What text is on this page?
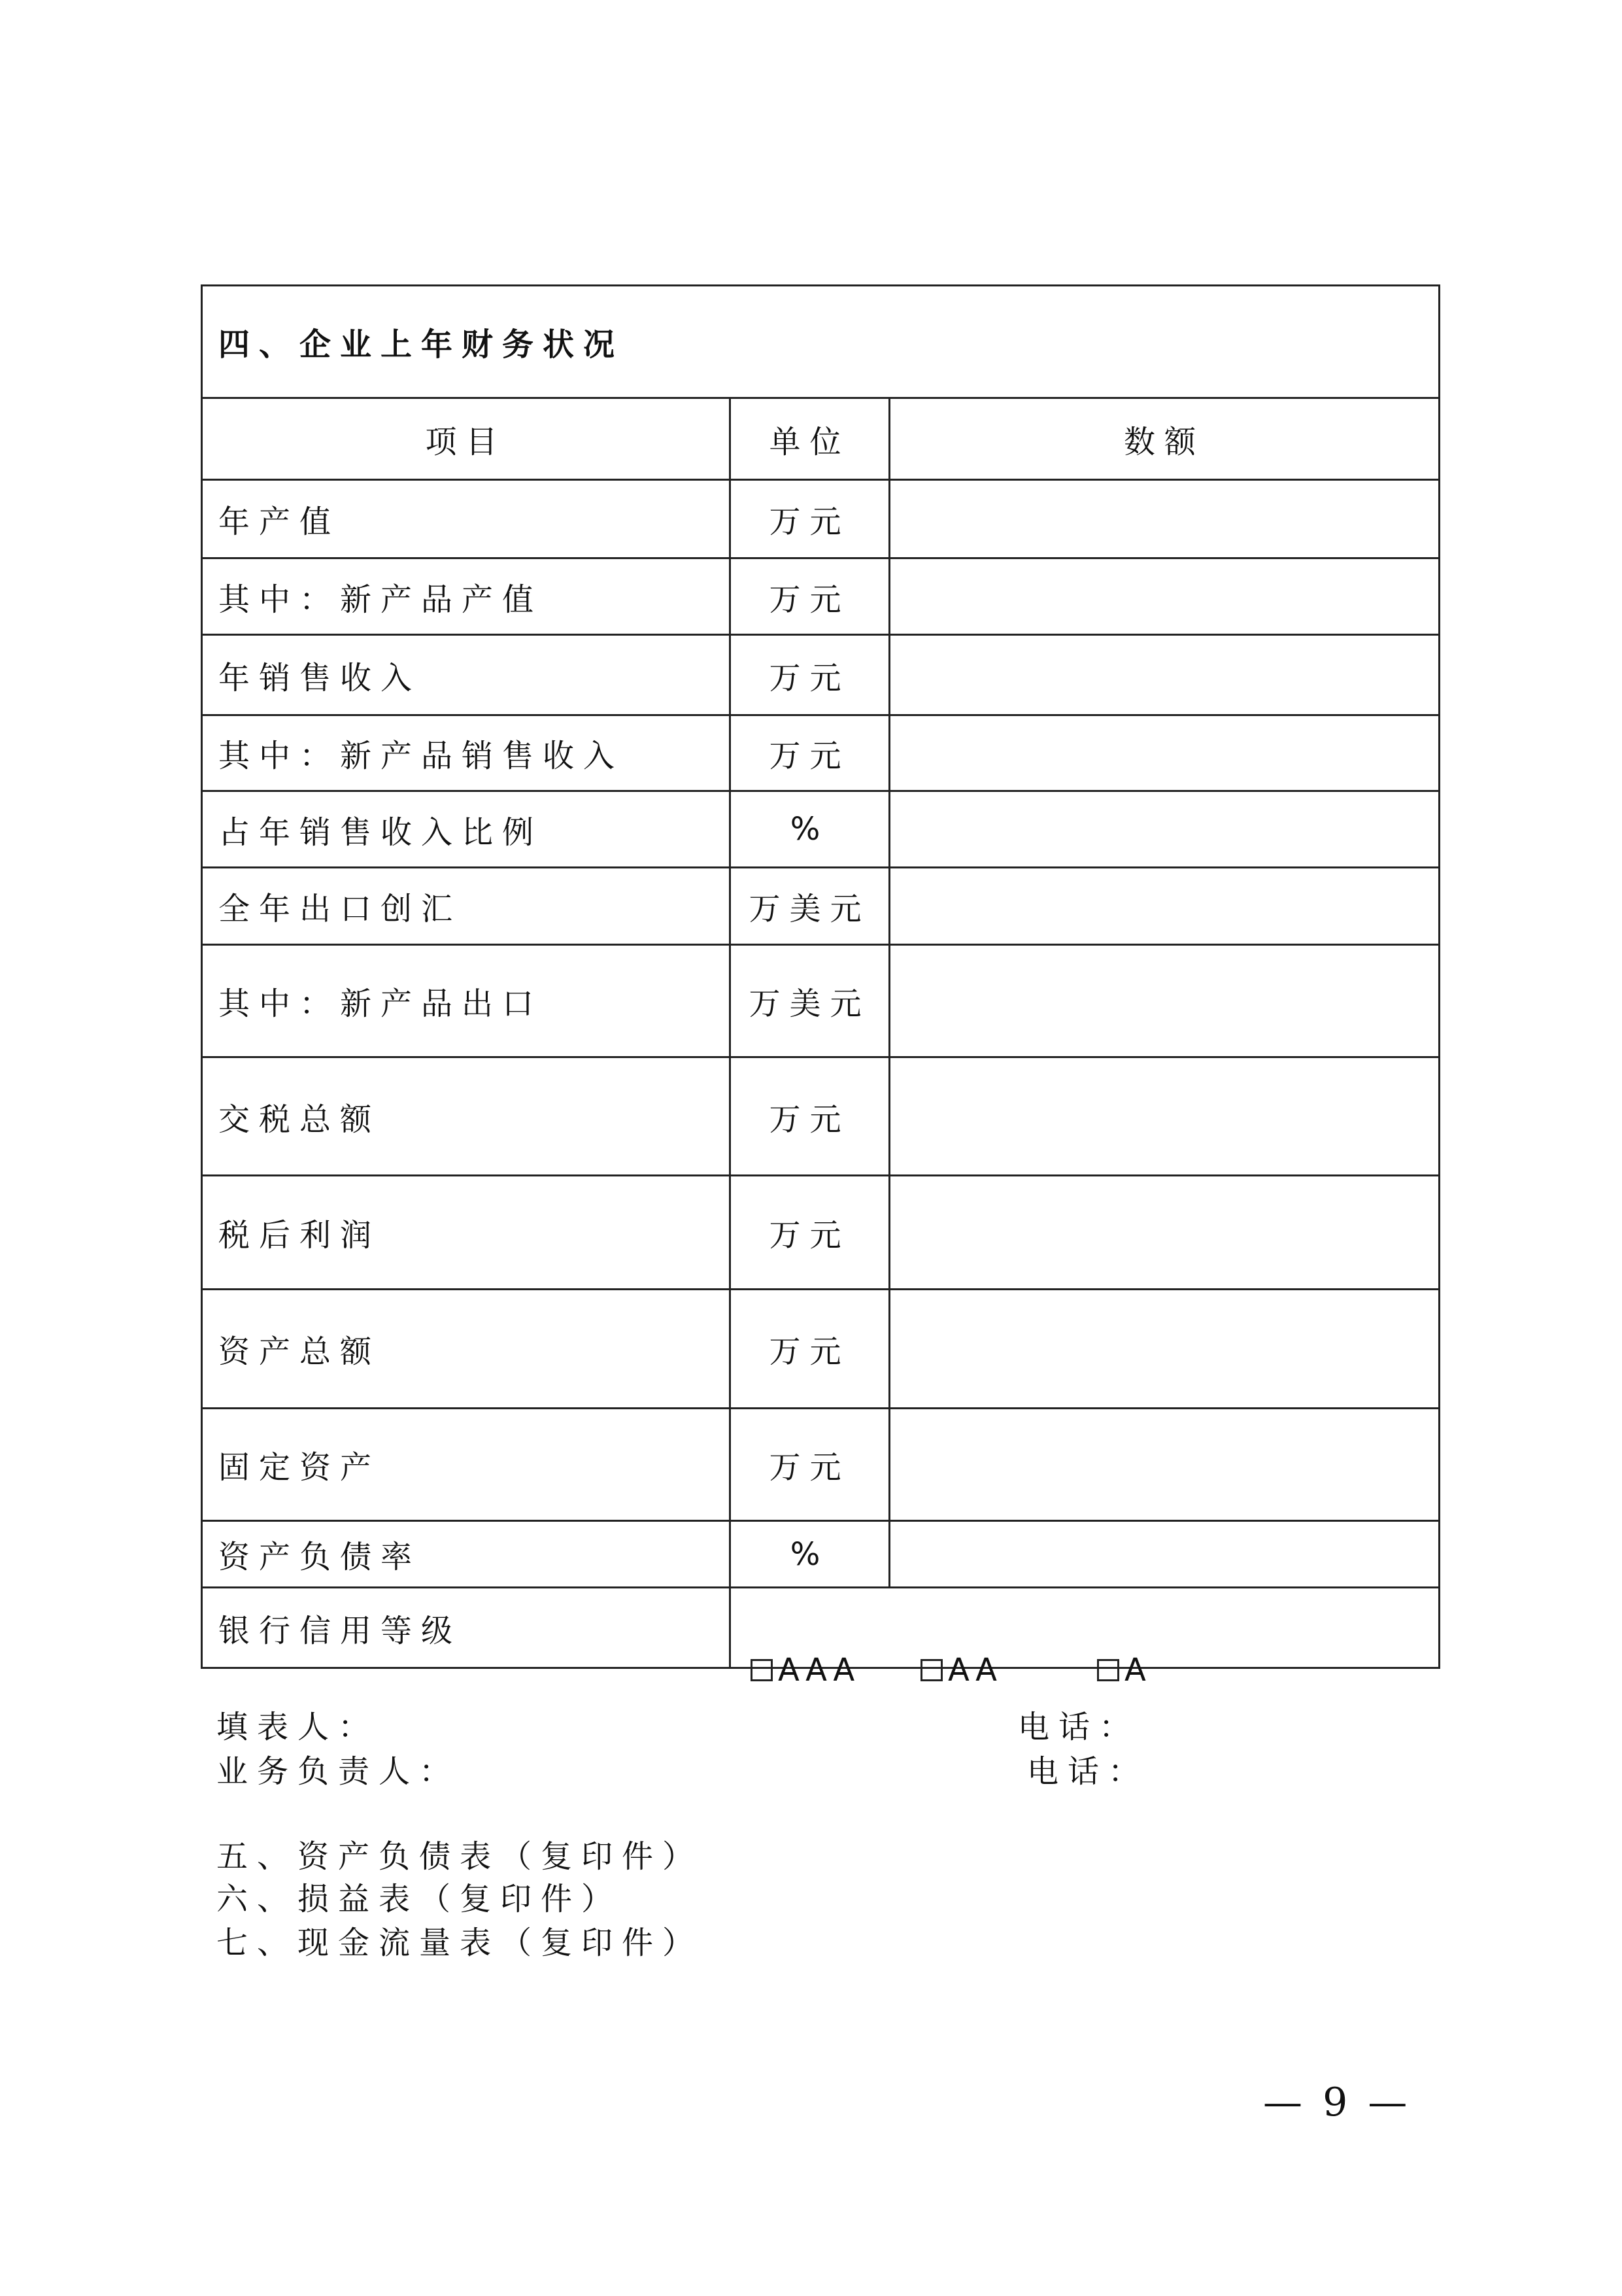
四、企业上年财务状况		
项目	单位	数额
年产值	万元	
其中：新产品产值	万元	
年销售收入	万元	
其中：新产品销售收入	万元	
占年销售收入比例	%	
全年出口创汇	万美元	
其中：新产品出口	万美元	
交税总额	万元	
税后利润	万元	
资产总额	万元	
固定资产	万元	
资产负债率	%	
银行信用等级	AAA AA A	
填表人：	电话：
业务负责人：	电话：
五、资产负债表（复印件）
六、损益表（复印件）
七、现金流量表（复印件）
— 9 —
